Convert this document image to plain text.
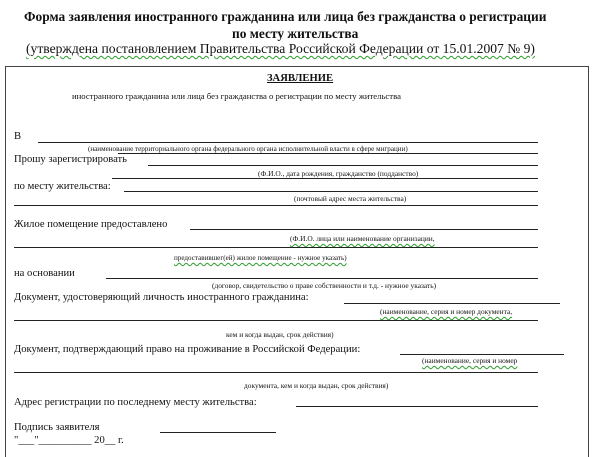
Форма заявления иностранного гражданина или лица без гражданства о регистрации
по месту жительства
(утверждена постановлением Правительства Российской Федерации от 15.01.2007 № 9)
ЗАЯВЛЕНИЕ
иностранного гражданина или лица без гражданства о регистрации по месту жительства
В
(наименование территориального органа федерального органа исполнительной власти в сфере миграции)
Прошу зарегистрировать
(Ф.И.О., дата рождения, гражданство (подданство)
по месту жительства:
(почтовый адрес места жительства)
Жилое помещение предоставлено
(Ф.И.О. лица или наименование организации,
предоставившег(ей) жилое помещение - нужное указать)
на основании
(договор, свидетельство о праве собственности и т.д. - нужное указать)
Документ, удостоверяющий личность иностранного гражданина:
(наименование, серия и номер документа,
кем и когда выдан, срок действия)
Документ, подтверждающий право на проживание в Российской Федерации:
(наименование, серия и номер
документа, кем и когда выдан, срок действия)
Адрес регистрации по последнему месту жительства:
Подпись заявителя
"___"__________ 20__ г.
